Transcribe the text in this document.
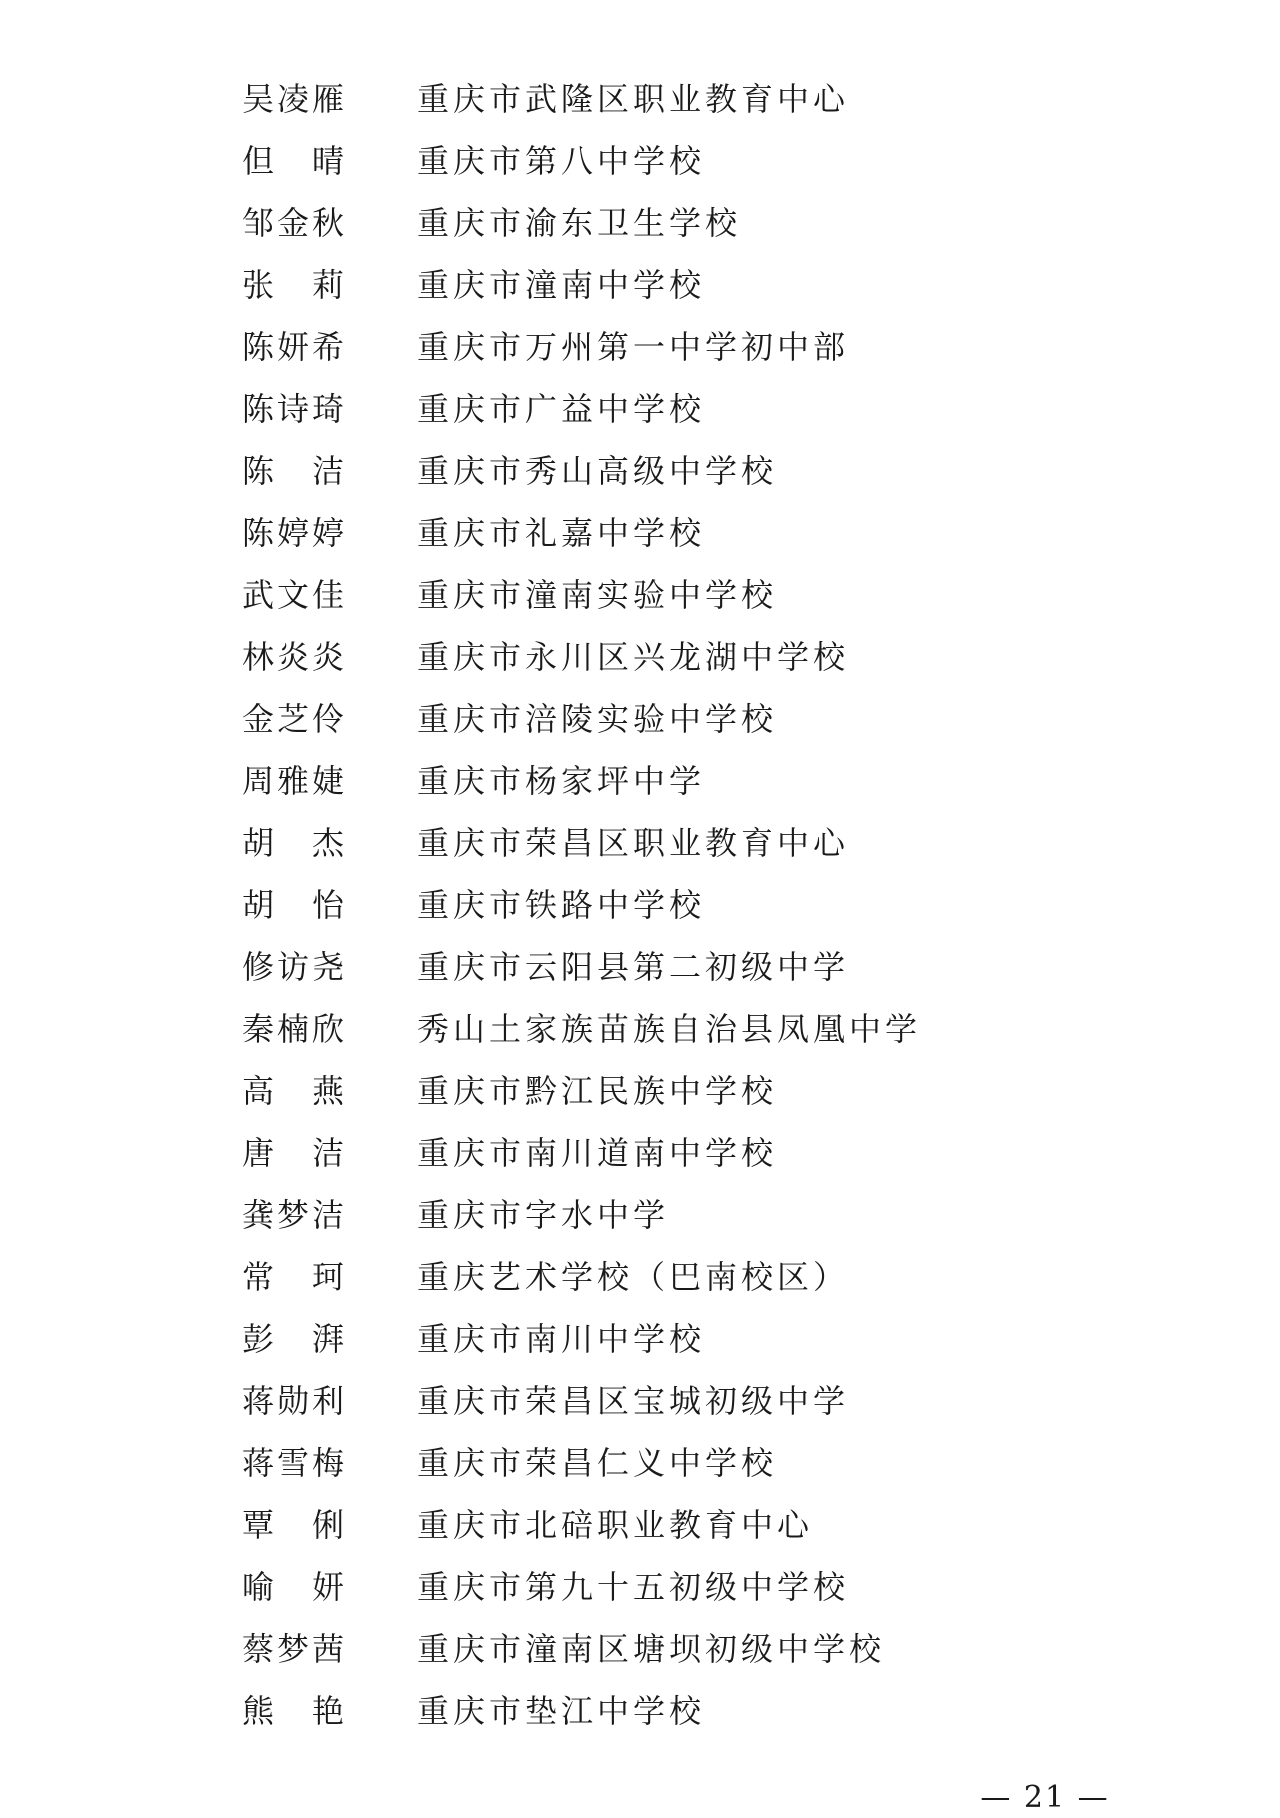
吴凌雁 重庆市武隆区职业教育中心
但　晴 重庆市第八中学校
邹金秋 重庆市渝东卫生学校
张　莉 重庆市潼南中学校
陈妍希 重庆市万州第一中学初中部
陈诗琦 重庆市广益中学校
陈　洁 重庆市秀山高级中学校
陈婷婷 重庆市礼嘉中学校
武文佳 重庆市潼南实验中学校
林炎炎 重庆市永川区兴龙湖中学校
金芝伶 重庆市涪陵实验中学校
周雅婕 重庆市杨家坪中学
胡　杰 重庆市荣昌区职业教育中心
胡　怡 重庆市铁路中学校
修访尧 重庆市云阳县第二初级中学
秦楠欣 秀山土家族苗族自治县凤凰中学
高　燕 重庆市黔江民族中学校
唐　洁 重庆市南川道南中学校
龚梦洁 重庆市字水中学
常　珂 重庆艺术学校（巴南校区）
彭　湃 重庆市南川中学校
蒋勋利 重庆市荣昌区宝城初级中学
蒋雪梅 重庆市荣昌仁义中学校
覃　俐 重庆市北碚职业教育中心
喻　妍 重庆市第九十五初级中学校
蔡梦茜 重庆市潼南区塘坝初级中学校
熊　艳 重庆市垫江中学校
— 21 —
